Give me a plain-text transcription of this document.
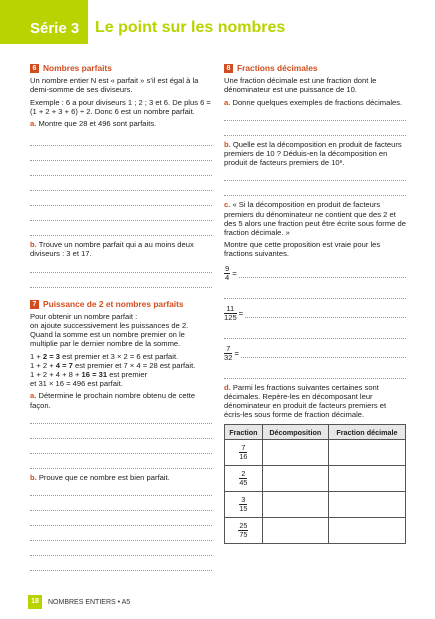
Série 3 Le point sur les nombres
6 Nombres parfaits

Un nombre entier N est « parfait » s’il est égal à la demi-somme de ses diviseurs.

Exemple : 6 a pour diviseurs 1 ; 2 ; 3 et 6. De plus 6 = (1 + 2 + 3 + 6) ÷ 2. Donc 6 est un nombre parfait.

a. Montre que 28 et 496 sont parfaits.

b. Trouve un nombre parfait qui a au moins deux diviseurs : 3 et 17.

7 Puissance de 2 et nombres parfaits

Pour obtenir un nombre parfait :

on ajoute successivement les puissances de 2. Quand la somme est un nombre premier on le multiplie par le dernier nombre de la somme.

1 + 2 = 3 est premier et 3 × 2 = 6 est parfait.

1 + 2 + 4 = 7 est premier et 7 × 4 = 28 est parfait.

1 + 2 + 4 + 8 + 16 = 31 est premier

et 31 × 16 = 496 est parfait.

a. Détermine le prochain nombre obtenu de cette façon.

b. Prouve que ce nombre est bien parfait.

8 Fractions décimales

Une fraction décimale est une fraction dont le dénominateur est une puissance de 10.

a. Donne quelques exemples de fractions décimales.

b. Quelle est la décomposition en produit de facteurs premiers de 10 ? Déduis-en la décomposition en produit de facteurs premiers de 10ⁿ.

c. « Si la décomposition en produit de facteurs premiers du dénominateur ne contient que des 2 et des 5 alors une fraction peut être écrite sous forme de fraction décimale. »

Montre que cette proposition est vraie pour les fractions suivantes.

$\frac{9}{4}$ =
$\frac{11}{125}$ =
$\frac{7}{32}$ =

d. Parmi les fractions suivantes certaines sont décimales. Repère-les en décomposant leur dénominateur en produit de facteurs premiers et écris-les sous forme de fraction décimale.

Fraction	Décomposition	Fraction décimale

$\frac{7}{16}$

$\frac{2}{45}$

$\frac{3}{15}$

$\frac{25}{75}$

18	NOMBRES ENTIERS • A5
